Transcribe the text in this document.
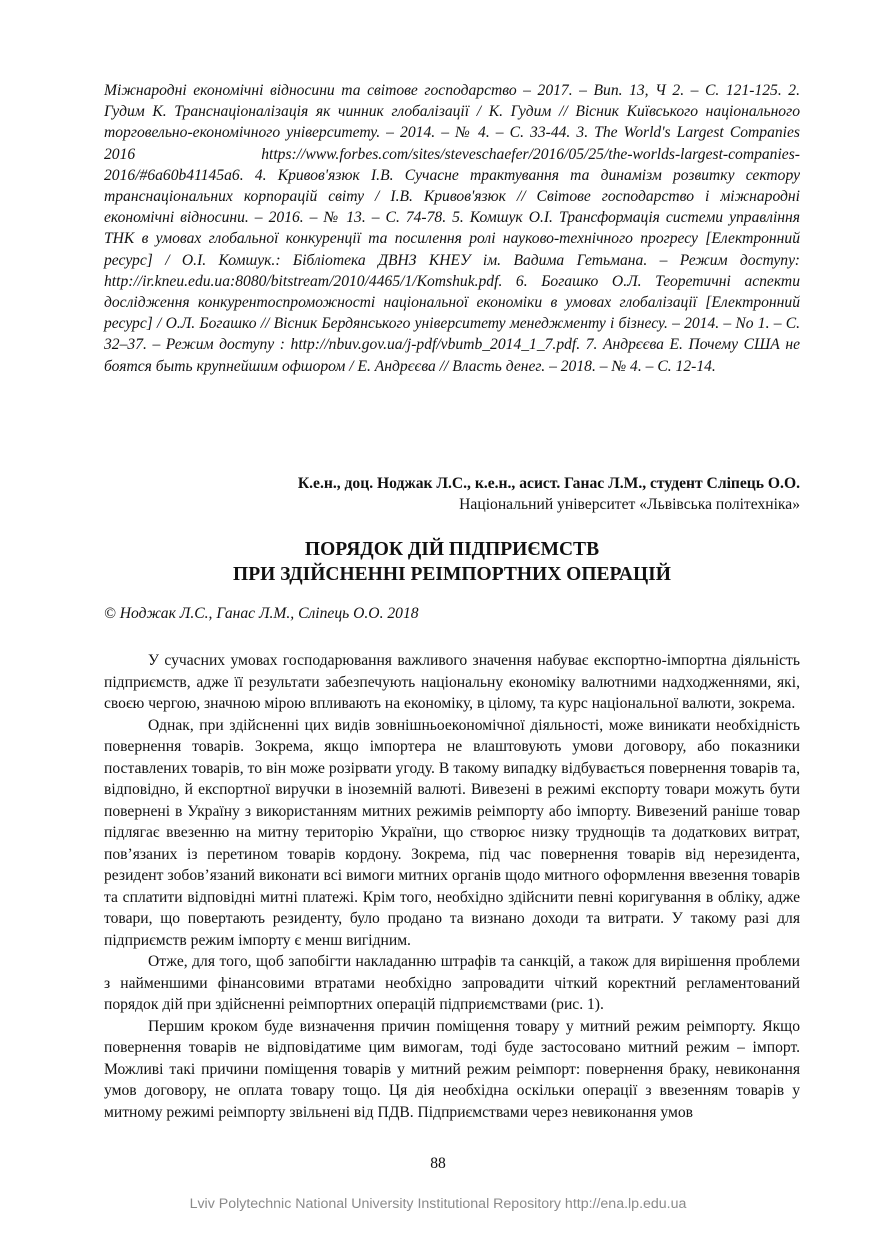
Міжнародні економічні відносини та світове господарство – 2017. – Вип. 13, Ч 2. – С. 121-125. 2. Гудим К. Транснаціоналізація як чинник глобалізації / К. Гудим // Вісник Київського національного торговельно-економічного університету. – 2014. – № 4. – С. 33-44. 3. The World's Largest Companies 2016 https://www.forbes.com/sites/steveschaefer/2016/05/25/the-worlds-largest-companies-2016/#6a60b41145a6. 4. Кривов'язюк І.В. Сучасне трактування та динамізм розвитку сектору транснаціональних корпорацій світу / І.В. Кривов'язюк // Світове господарство і міжнародні економічні відносини. – 2016. – № 13. – С. 74-78. 5. Комшук О.І. Трансформація системи управління ТНК в умовах глобальної конкуренції та посилення ролі науково-технічного прогресу [Електронний ресурс] / О.І. Комшук.: Бібліотека ДВНЗ КНЕУ ім. Вадима Гетьмана. – Режим доступу: http://ir.kneu.edu.ua:8080/bitstream/2010/4465/1/Komshuk.pdf. 6. Богашко О.Л. Теоретичні аспекти дослідження конкурентоспроможності національної економіки в умовах глобалізації [Електронний ресурс] / О.Л. Богашко // Вісник Бердянського університету менеджменту і бізнесу. – 2014. – No 1. – С. 32–37. – Режим доступу : http://nbuv.gov.ua/j-pdf/vbumb_2014_1_7.pdf. 7. Андрєєва Е. Почему США не боятся быть крупнейшим офшором / Е. Андрєєва // Власть денег. – 2018. – № 4. – С. 12-14.

К.е.н., доц. Ноджак Л.С., к.е.н., асист. Ганас Л.М., студент Сліпець О.О.
Національний університет «Львівська політехніка»
ПОРЯДОК ДІЙ ПІДПРИЄМСТВ
ПРИ ЗДІЙСНЕННІ РЕІМПОРТНИХ ОПЕРАЦІЙ
© Ноджак Л.С., Ганас Л.М., Сліпець О.О. 2018

У сучасних умовах господарювання важливого значення набуває експортно-імпортна діяльність підприємств, адже її результати забезпечують національну економіку валютними надходженнями, які, своєю чергою, значною мірою впливають на економіку, в цілому, та курс національної валюти, зокрема.

Однак, при здійсненні цих видів зовнішньоекономічної діяльності, може виникати необхідність повернення товарів. Зокрема, якщо імпортера не влаштовують умови договору, або показники поставлених товарів, то він може розірвати угоду. В такому випадку відбувається повернення товарів та, відповідно, й експортної виручки в іноземній валюті. Вивезені в режимі експорту товари можуть бути повернені в Україну з використанням митних режимів реімпорту або імпорту. Вивезений раніше товар підлягає ввезенню на митну територію України, що створює низку труднощів та додаткових витрат, пов’язаних із перетином товарів кордону. Зокрема, під час повернення товарів від нерезидента, резидент зобов’язаний виконати всі вимоги митних органів щодо митного оформлення ввезення товарів та сплатити відповідні митні платежі. Крім того, необхідно здійснити певні коригування в обліку, адже товари, що повертають резиденту, було продано та визнано доходи та витрати. У такому разі для підприємств режим імпорту є менш вигідним.

Отже, для того, щоб запобігти накладанню штрафів та санкцій, а також для вирішення проблеми з найменшими фінансовими втратами необхідно запровадити чіткий коректний регламентований порядок дій при здійсненні реімпортних операцій підприємствами (рис. 1).

Першим кроком буде визначення причин поміщення товару у митний режим реімпорту. Якщо повернення товарів не відповідатиме цим вимогам, тоді буде застосовано митний режим – імпорт. Можливі такі причини поміщення товарів у митний режим реімпорт: повернення браку, невиконання умов договору, не оплата товару тощо. Ця дія необхідна оскільки операції з ввезенням товарів у митному режимі реімпорту звільнені від ПДВ. Підприємствами через невиконання умов

88
Lviv Polytechnic National University Institutional Repository http://ena.lp.edu.ua
